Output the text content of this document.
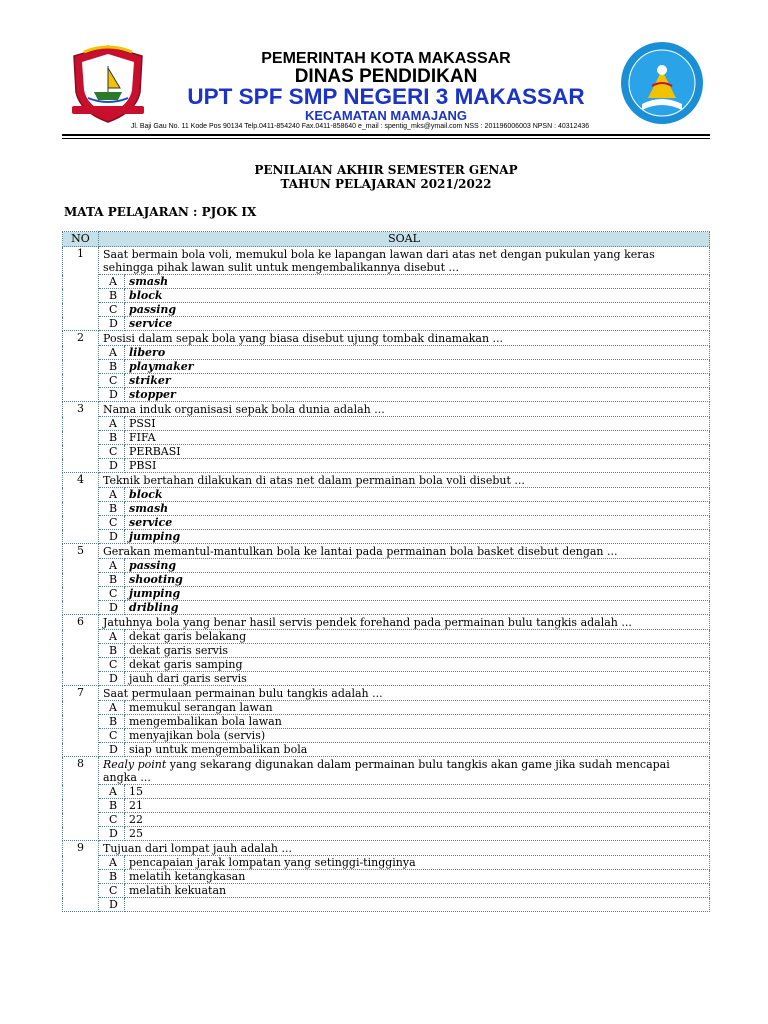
PEMERINTAH KOTA MAKASSAR
DINAS PENDIDIKAN
UPT SPF SMP NEGERI 3 MAKASSAR
KECAMATAN MAMAJANG
Jl. Baji Gau No. 11 Kode Pos 90134 Telp.0411-854240 Fax.0411-858640 e_mail : spentig_mks@ymail.com NSS : 201196006003 NPSN : 40312436
PENILAIAN AKHIR SEMESTER GENAP
TAHUN PELAJARAN 2021/2022
MATA PELAJARAN : PJOK IX
NO	SOAL	
1	Saat bermain bola voli, memukul bola ke lapangan lawan dari atas net dengan pukulan yang keras sehingga pihak lawan sulit untuk mengembalikannya disebut ...	
	A	smash
	B	block
	C	passing
	D	service
2	Posisi dalam sepak bola yang biasa disebut ujung tombak dinamakan ...	
	A	libero
	B	playmaker
	C	striker
	D	stopper
3	Nama induk organisasi sepak bola dunia adalah ...	
	A	PSSI
	B	FIFA
	C	PERBASI
	D	PBSI
4	Teknik bertahan dilakukan di atas net dalam permainan bola voli disebut ...	
	A	block
	B	smash
	C	service
	D	jumping
5	Gerakan memantul-mantulkan bola ke lantai pada permainan bola basket disebut dengan ...	
	A	passing
	B	shooting
	C	jumping
	D	dribling
6	Jatuhnya bola yang benar hasil servis pendek forehand pada permainan bulu tangkis adalah ...	
	A	dekat garis belakang
	B	dekat garis servis
	C	dekat garis samping
	D	jauh dari garis servis
7	Saat permulaan permainan bulu tangkis adalah ...	
	A	memukul serangan lawan
	B	mengembalikan bola lawan
	C	menyajikan bola (servis)
	D	siap untuk mengembalikan bola
8	Realy point yang sekarang digunakan dalam permainan bulu tangkis akan game jika sudah mencapai angka ...	
	A	15
	B	21
	C	22
	D	25
9	Tujuan dari lompat jauh adalah ...	
	A	pencapaian jarak lompatan yang setinggi-tingginya
	B	melatih ketangkasan
	C	melatih kekuatan
	D	
